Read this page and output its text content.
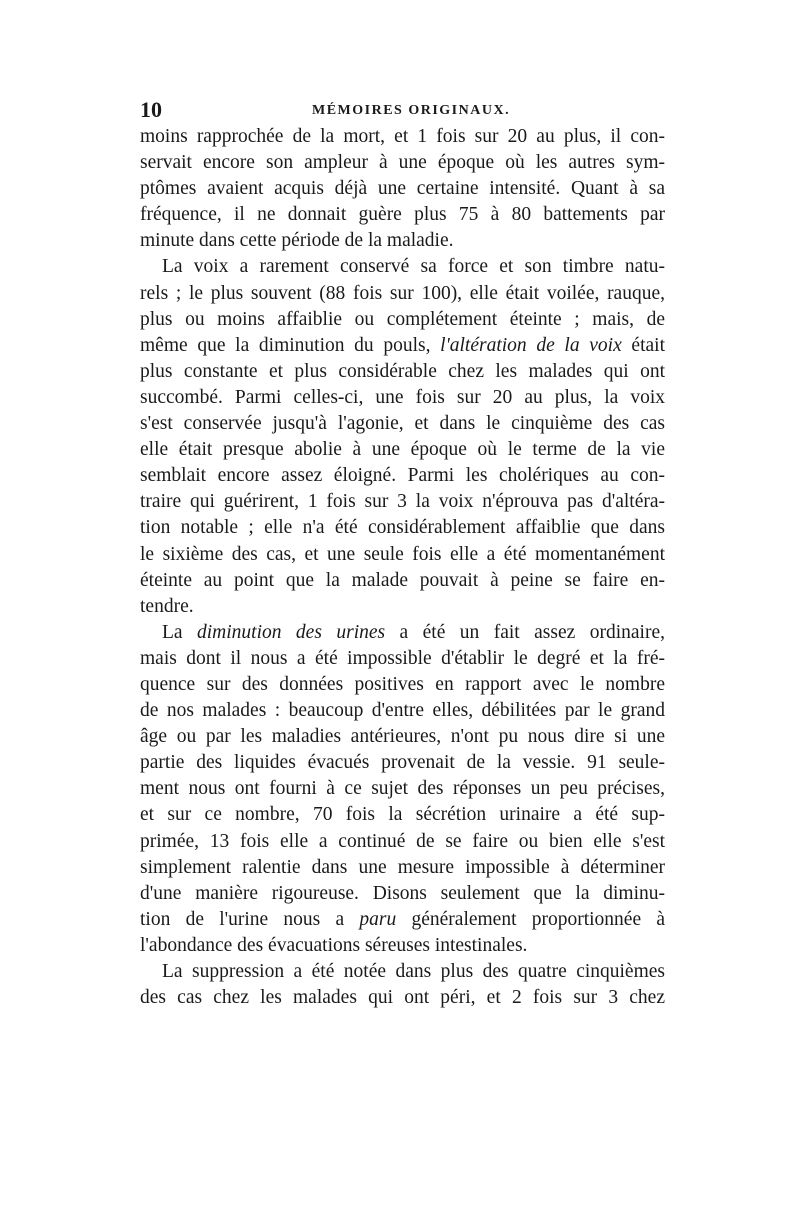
10	MÉMOIRES ORIGINAUX.
moins rapprochée de la mort, et 1 fois sur 20 au plus, il con-
servait encore son ampleur à une époque où les autres sym-
ptômes avaient acquis déjà une certaine intensité. Quant à sa
fréquence, il ne donnait guère plus 75 à 80 battements par
minute dans cette période de la maladie.
La voix a rarement conservé sa force et son timbre natu-
rels ; le plus souvent (88 fois sur 100), elle était voilée, rauque,
plus ou moins affaiblie ou complétement éteinte ; mais, de
même que la diminution du pouls, l'altération de la voix était
plus constante et plus considérable chez les malades qui ont
succombé. Parmi celles-ci, une fois sur 20 au plus, la voix
s'est conservée jusqu'à l'agonie, et dans le cinquième des cas
elle était presque abolie à une époque où le terme de la vie
semblait encore assez éloigné. Parmi les cholériques au con-
traire qui guérirent, 1 fois sur 3 la voix n'éprouva pas d'altéra-
tion notable ; elle n'a été considérablement affaiblie que dans
le sixième des cas, et une seule fois elle a été momentanément
éteinte au point que la malade pouvait à peine se faire en-
tendre.
La diminution des urines a été un fait assez ordinaire,
mais dont il nous a été impossible d'établir le degré et la fré-
quence sur des données positives en rapport avec le nombre
de nos malades : beaucoup d'entre elles, débilitées par le grand
âge ou par les maladies antérieures, n'ont pu nous dire si une
partie des liquides évacués provenait de la vessie. 91 seule-
ment nous ont fourni à ce sujet des réponses un peu précises,
et sur ce nombre, 70 fois la sécrétion urinaire a été sup-
primée, 13 fois elle a continué de se faire ou bien elle s'est
simplement ralentie dans une mesure impossible à déterminer
d'une manière rigoureuse. Disons seulement que la diminu-
tion de l'urine nous a paru généralement proportionnée à
l'abondance des évacuations séreuses intestinales.
La suppression a été notée dans plus des quatre cinquièmes
des cas chez les malades qui ont péri, et 2 fois sur 3 chez
